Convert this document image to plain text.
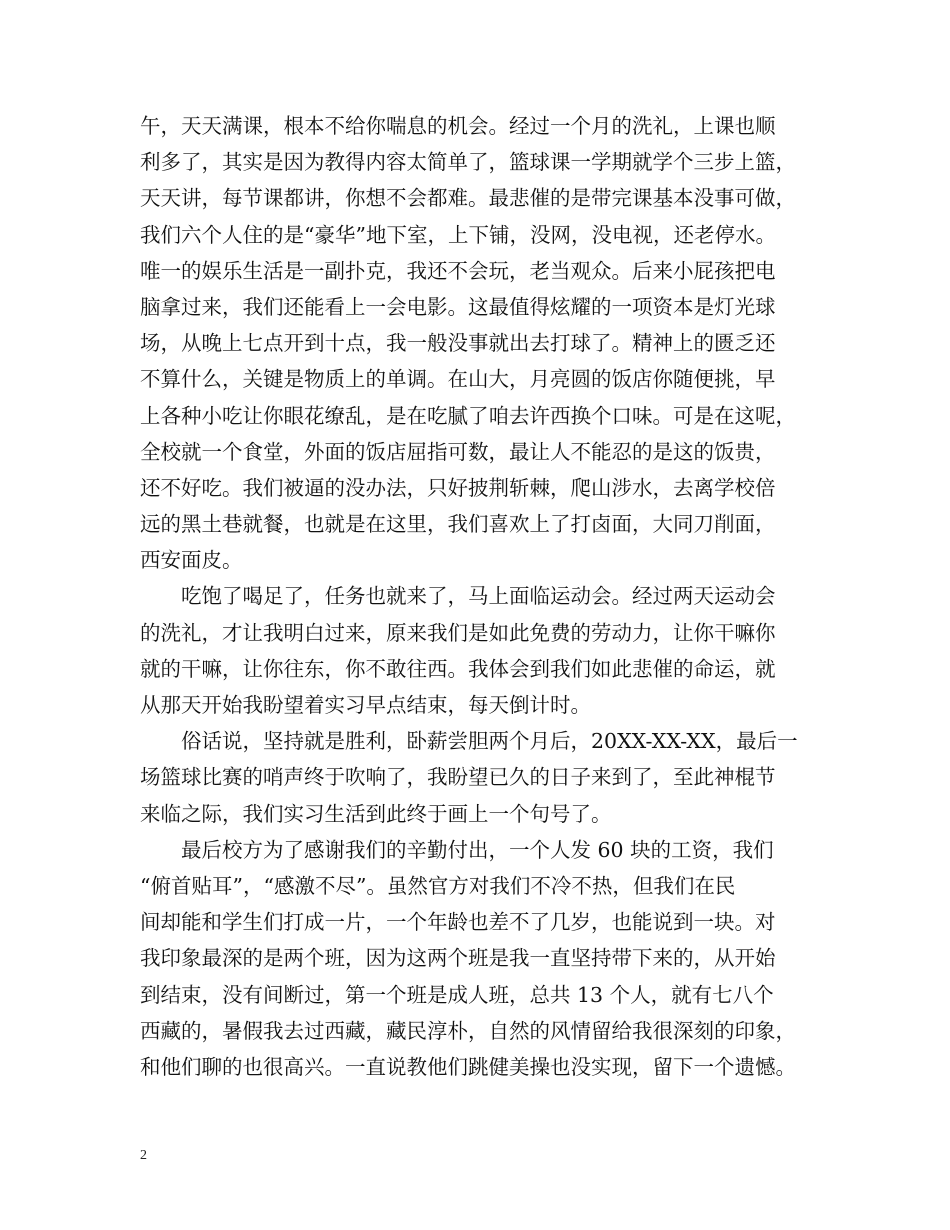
午，天天满课，根本不给你喘息的机会。经过一个月的洗礼，上课也顺
利多了，其实是因为教得内容太简单了，篮球课一学期就学个三步上篮，
天天讲，每节课都讲，你想不会都难。最悲催的是带完课基本没事可做，
我们六个人住的是“豪华”地下室，上下铺，没网，没电视，还老停水。
唯一的娱乐生活是一副扑克，我还不会玩，老当观众。后来小屁孩把电
脑拿过来，我们还能看上一会电影。这最值得炫耀的一项资本是灯光球
场，从晚上七点开到十点，我一般没事就出去打球了。精神上的匮乏还
不算什么，关键是物质上的单调。在山大，月亮圆的饭店你随便挑，早
上各种小吃让你眼花缭乱，是在吃腻了咱去许西换个口味。可是在这呢，
全校就一个食堂，外面的饭店屈指可数，最让人不能忍的是这的饭贵，
还不好吃。我们被逼的没办法，只好披荆斩棘，爬山涉水，去离学校倍
远的黑土巷就餐，也就是在这里，我们喜欢上了打卤面，大同刀削面，
西安面皮。
　　吃饱了喝足了，任务也就来了，马上面临运动会。经过两天运动会
的洗礼，才让我明白过来，原来我们是如此免费的劳动力，让你干嘛你
就的干嘛，让你往东，你不敢往西。我体会到我们如此悲催的命运，就
从那天开始我盼望着实习早点结束，每天倒计时。
　　俗话说，坚持就是胜利，卧薪尝胆两个月后，20XX-XX-XX，最后一
场篮球比赛的哨声终于吹响了，我盼望已久的日子来到了，至此神棍节
来临之际，我们实习生活到此终于画上一个句号了。
　　最后校方为了感谢我们的辛勤付出，一个人发 60 块的工资，我们
“俯首贴耳”，“感激不尽”。虽然官方对我们不冷不热，但我们在民
间却能和学生们打成一片，一个年龄也差不了几岁，也能说到一块。对
我印象最深的是两个班，因为这两个班是我一直坚持带下来的，从开始
到结束，没有间断过，第一个班是成人班，总共 13 个人，就有七八个
西藏的，暑假我去过西藏，藏民淳朴，自然的风情留给我很深刻的印象，
和他们聊的也很高兴。一直说教他们跳健美操也没实现，留下一个遗憾。
2
